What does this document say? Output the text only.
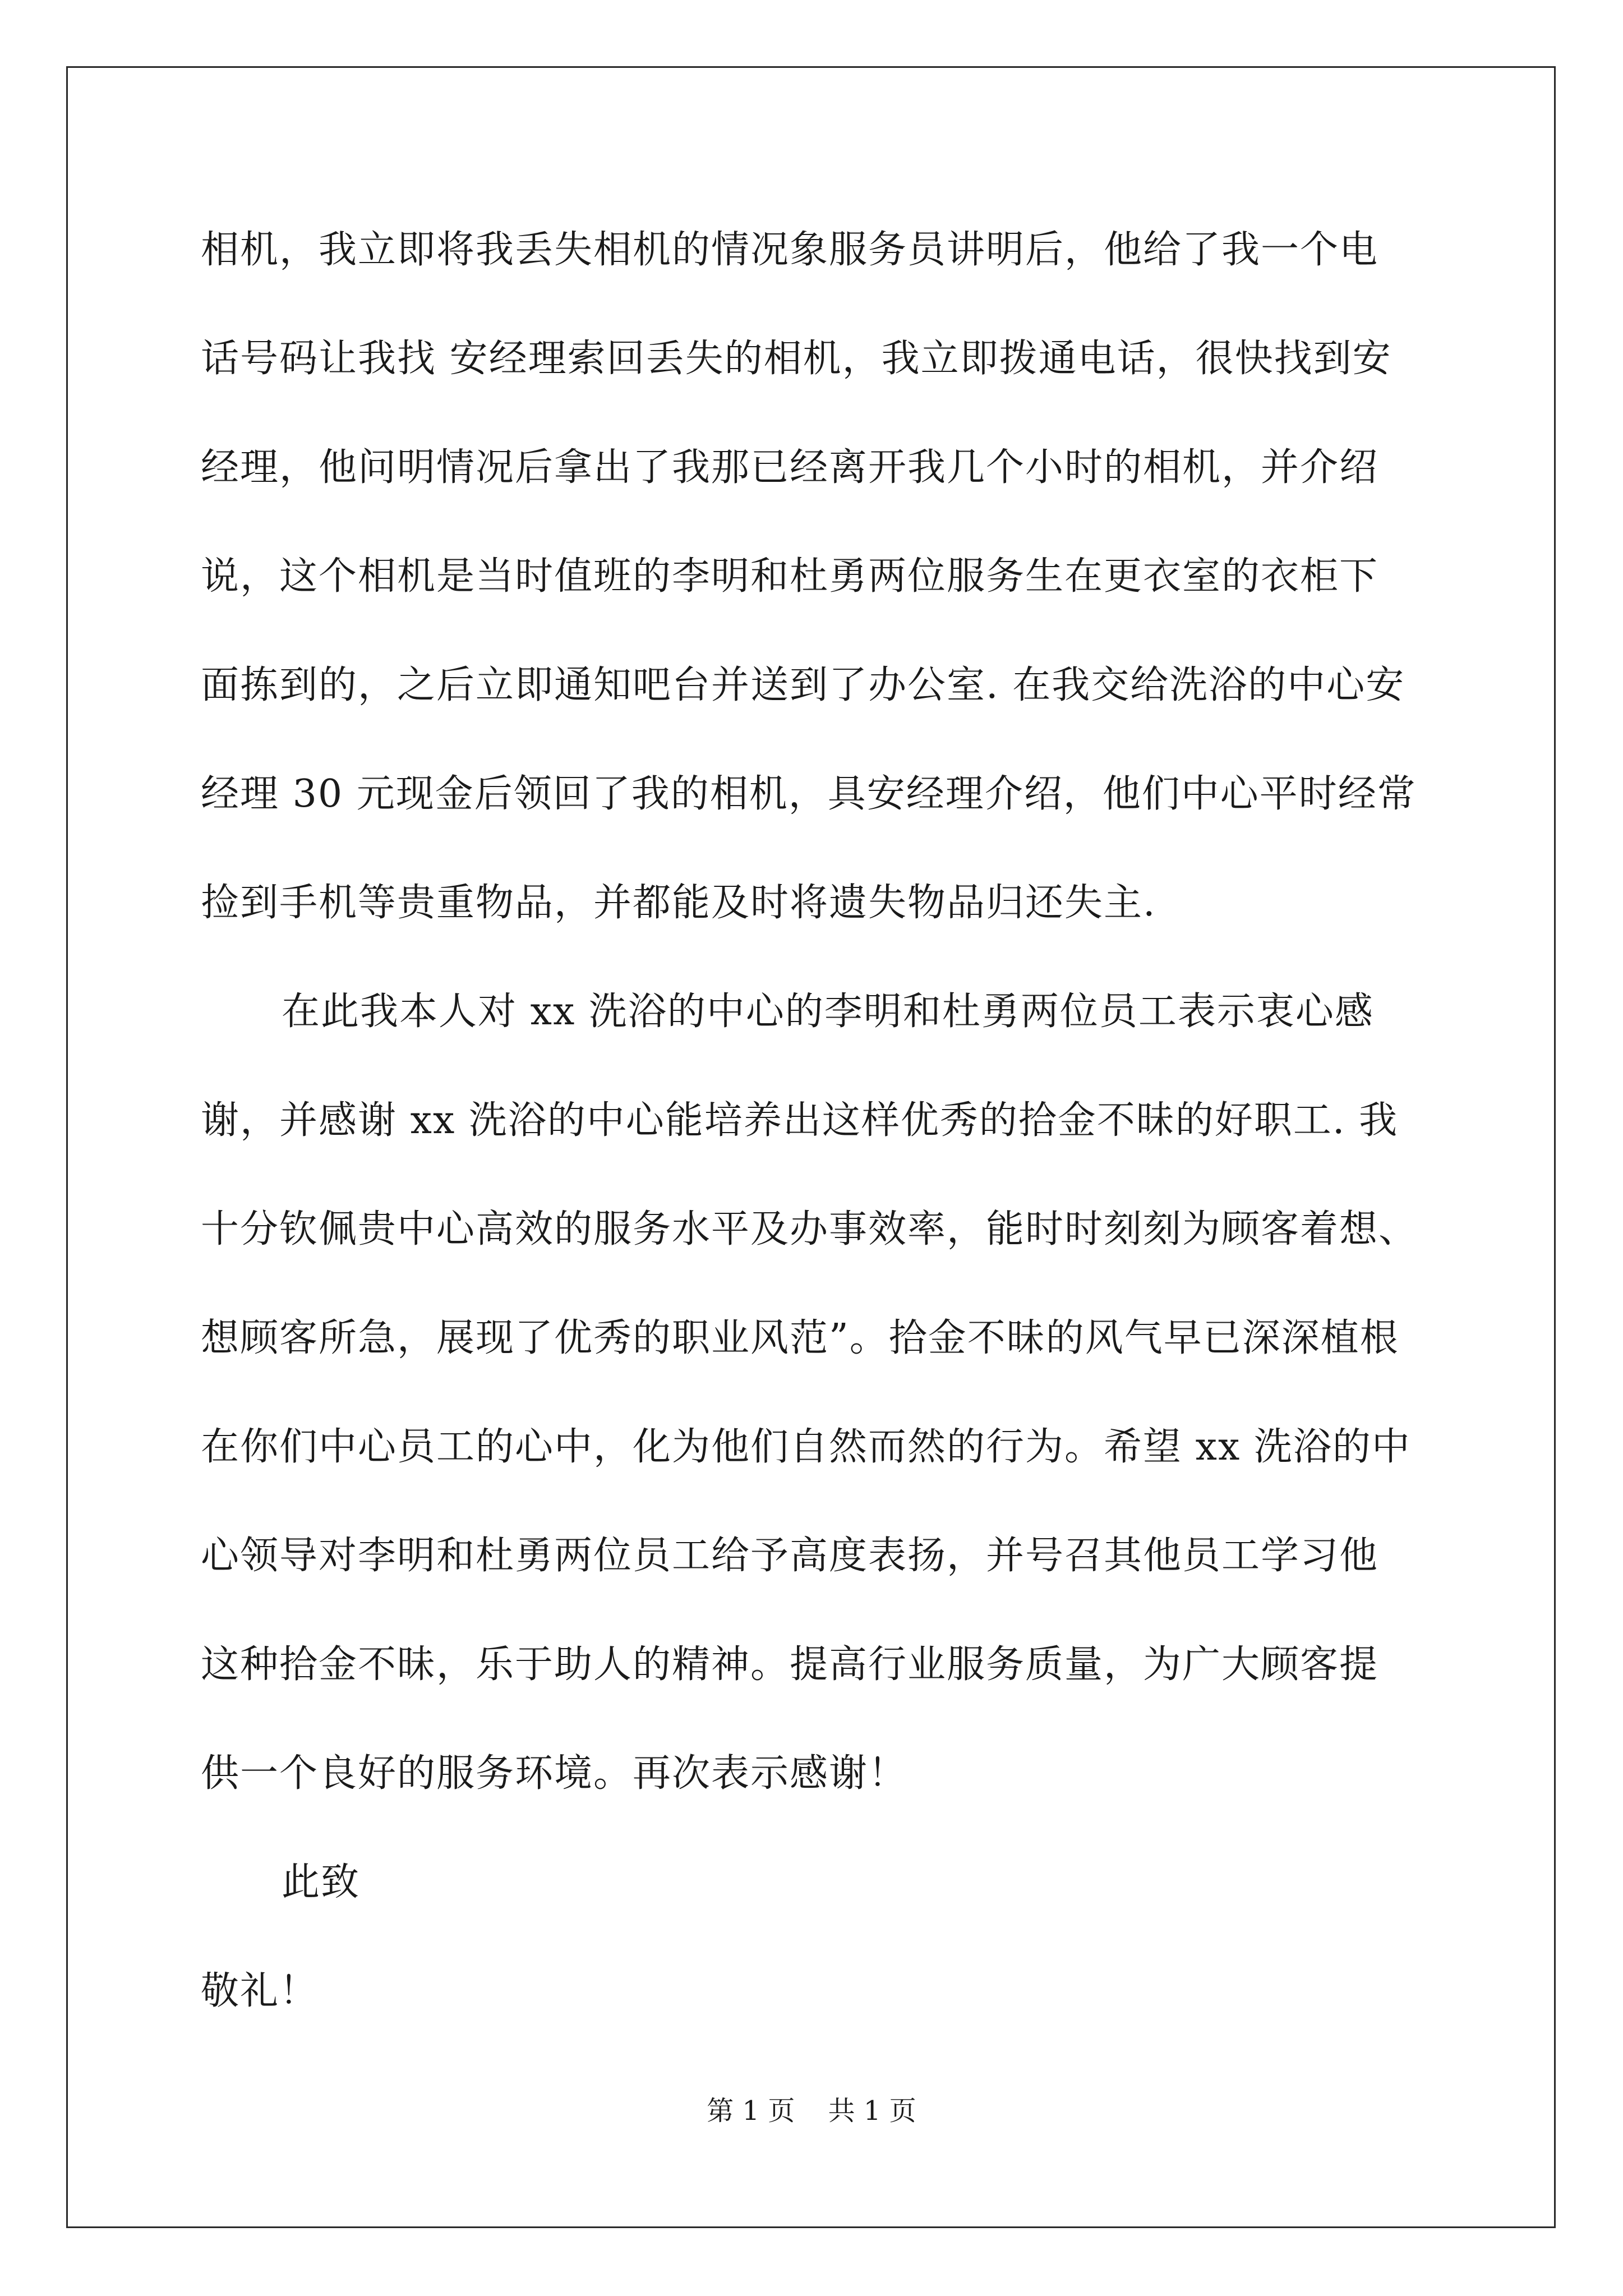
相机，我立即将我丢失相机的情况象服务员讲明后，他给了我一个电
话号码让我找 安经理索回丢失的相机，我立即拨通电话，很快找到安
经理，他问明情况后拿出了我那已经离开我几个小时的相机，并介绍
说，这个相机是当时值班的李明和杜勇两位服务生在更衣室的衣柜下
面拣到的，之后立即通知吧台并送到了办公室. 在我交给洗浴的中心安
经理 30 元现金后领回了我的相机，具安经理介绍，他们中心平时经常
捡到手机等贵重物品，并都能及时将遗失物品归还失主.
在此我本人对 xx 洗浴的中心的李明和杜勇两位员工表示衷心感
谢，并感谢 xx 洗浴的中心能培养出这样优秀的拾金不昧的好职工. 我
十分钦佩贵中心高效的服务水平及办事效率，能时时刻刻为顾客着想、
想顾客所急，展现了优秀的职业风范”。拾金不昧的风气早已深深植根
在你们中心员工的心中，化为他们自然而然的行为。希望 xx 洗浴的中
心领导对李明和杜勇两位员工给予高度表扬，并号召其他员工学习他
这种拾金不昧，乐于助人的精神。提高行业服务质量，为广大顾客提
供一个良好的服务环境。再次表示感谢！
此致
敬礼！
第 1 页 共 1 页
